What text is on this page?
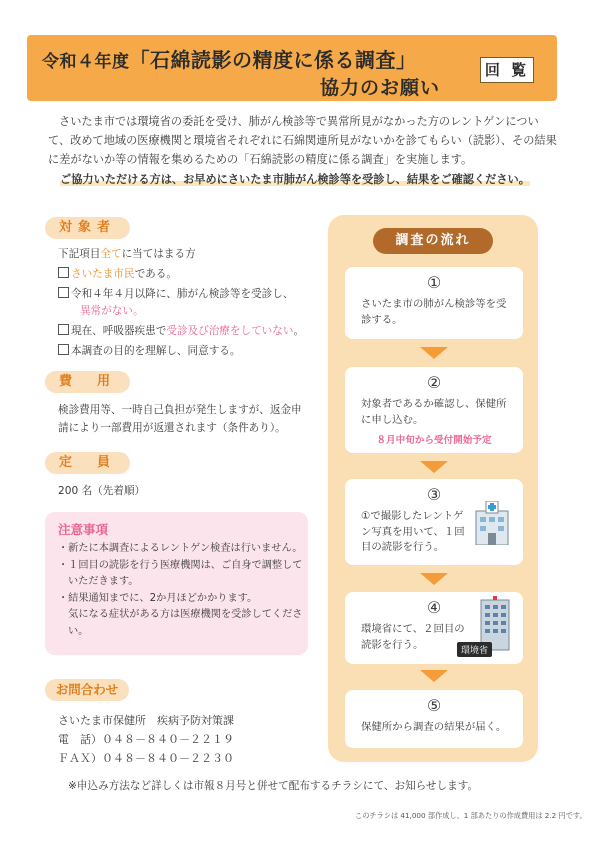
令和４年度「石綿読影の精度に係る調査」
協力のお願い
回 覧
さいたま市では環境省の委託を受け、肺がん検診等で異常所見がなかった方のレントゲンについて、改めて地域の医療機関と環境省それぞれに石綿関連所見がないかを診てもらい（読影）、その結果に差がないか等の情報を集めるための「石綿読影の精度に係る調査」を実施します。
ご協力いただける方は、お早めにさいたま市肺がん検診等を受診し、結果をご確認ください。
対象者
下記項目全てに当てはまる方
さいたま市民である。
令和４年４月以降に、肺がん検診等を受診し、
異常がない。
現在、呼吸器疾患で受診及び治療をしていない。
本調査の目的を理解し、同意する。
費　用
検診費用等、一時自己負担が発生しますが、返金申請により一部費用が返還されます（条件あり）。
定　員
200 名（先着順）
注意事項
・新たに本調査によるレントゲン検査は行いません。
・１回目の読影を行う医療機関は、ご自身で調整していただきます。
・結果通知までに、2か月ほどかかります。
　気になる症状がある方は医療機関を受診してください。
お問合わせ
さいたま市保健所　疾病予防対策課
電　話）０４８－８４０－２２１９
ＦＡＸ）０４８－８４０－２２３０
調査の流れ
①
さいたま市の肺がん検診等を受診する。
②
対象者であるか確認し、保健所に申し込む。
８月中旬から受付開始予定
③
①で撮影したレントゲン写真を用いて、１回目の読影を行う。
④
環境省にて、２回目の読影を行う。
環境省
⑤
保健所から調査の結果が届く。
※申込み方法など詳しくは市報８月号と併せて配布するチラシにて、お知らせします。
このチラシは 41,000 部作成し、1 部あたりの作成費用は 2.2 円です。
